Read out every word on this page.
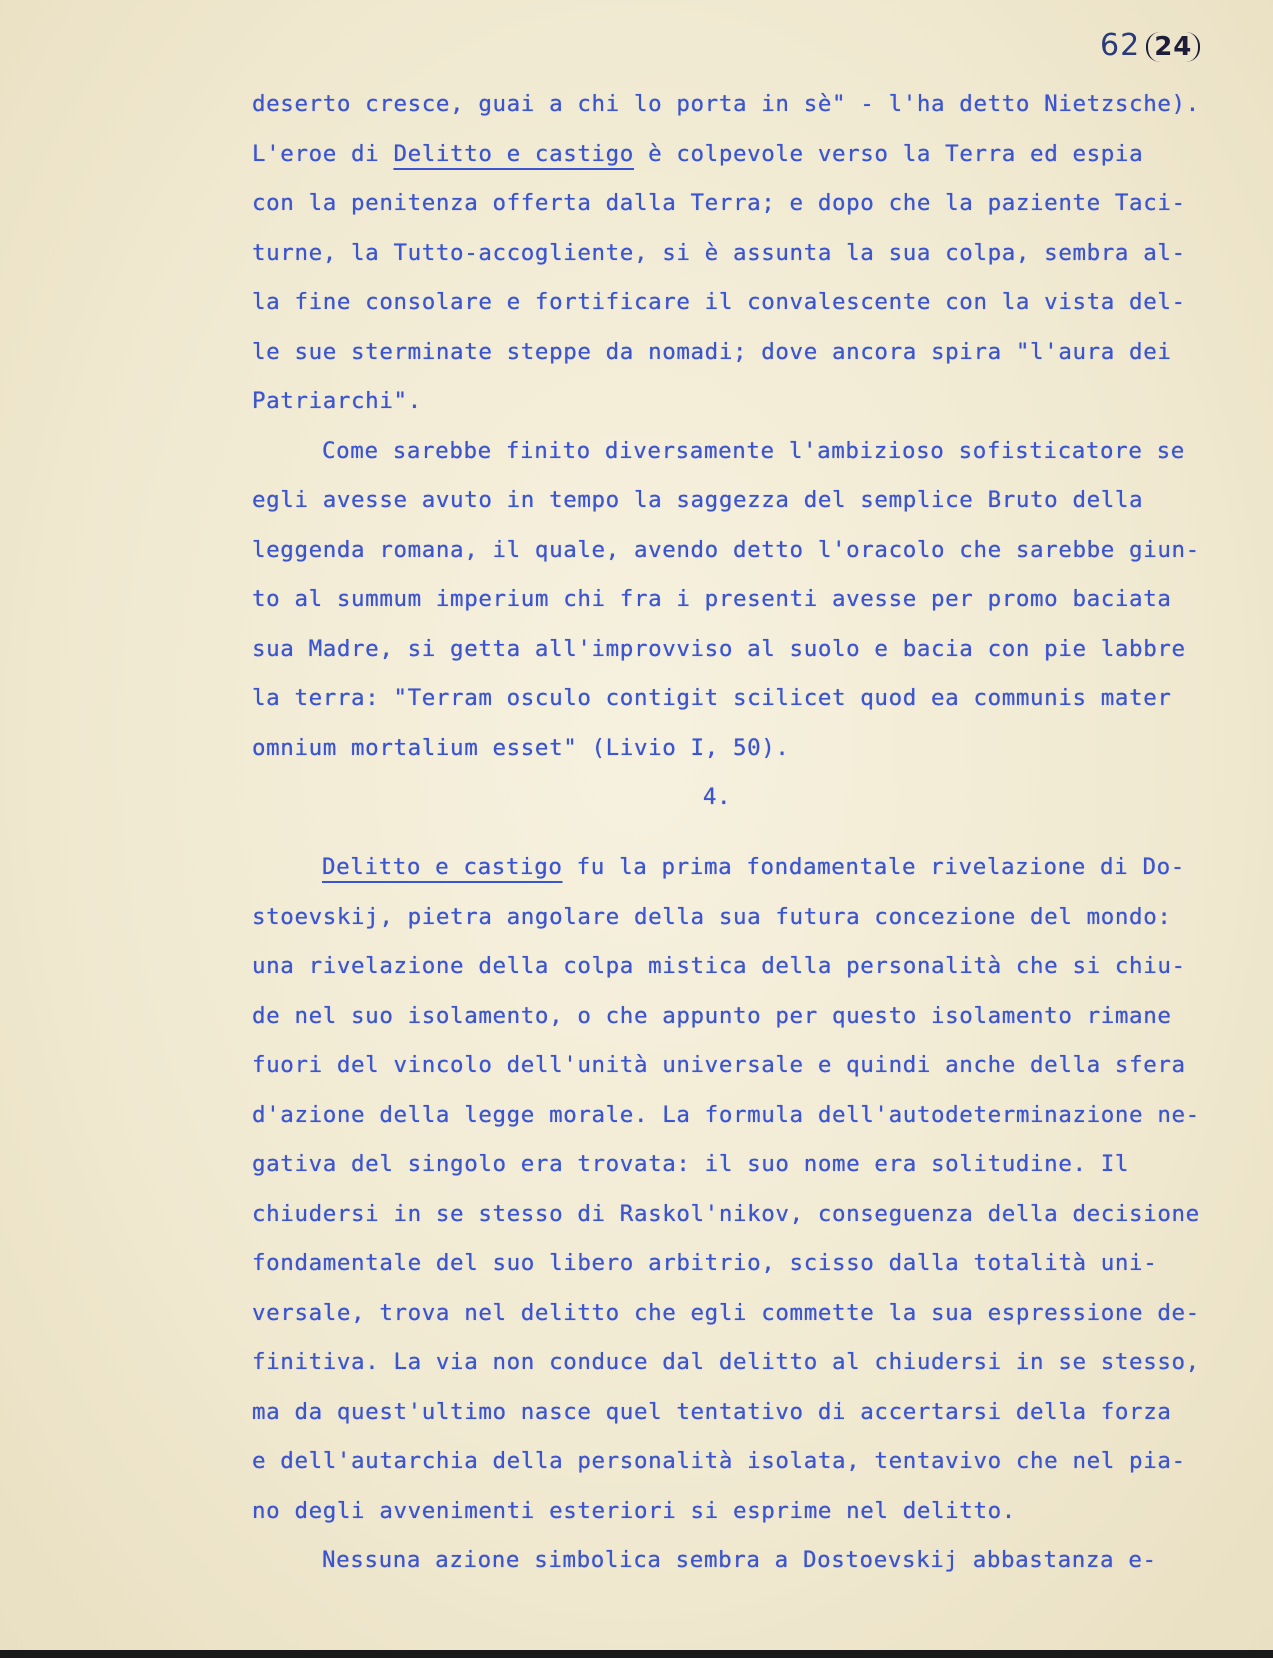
62 24
deserto cresce, guai a chi lo porta in sè" - l'ha detto Nietzsche).
L'eroe di Delitto e castigo è colpevole verso la Terra ed espia
con la penitenza offerta dalla Terra; e dopo che la paziente Taci-
turne, la Tutto-accogliente, si è assunta la sua colpa, sembra al-
la fine consolare e fortificare il convalescente con la vista del-
le sue sterminate steppe da nomadi; dove ancora spira "l'aura dei
Patriarchi".
Come sarebbe finito diversamente l'ambizioso sofisticatore se
egli avesse avuto in tempo la saggezza del semplice Bruto della
leggenda romana, il quale, avendo detto l'oracolo che sarebbe giun-
to al summum imperium chi fra i presenti avesse per promo baciata
sua Madre, si getta all'improvviso al suolo e bacia con pie labbre
la terra: "Terram osculo contigit scilicet quod ea communis mater
omnium mortalium esset" (Livio I, 50).
4.
Delitto e castigo fu la prima fondamentale rivelazione di Do-
stoevskij, pietra angolare della sua futura concezione del mondo:
una rivelazione della colpa mistica della personalità che si chiu-
de nel suo isolamento, o che appunto per questo isolamento rimane
fuori del vincolo dell'unità universale e quindi anche della sfera
d'azione della legge morale. La formula dell'autodeterminazione ne-
gativa del singolo era trovata: il suo nome era solitudine. Il
chiudersi in se stesso di Raskol'nikov, conseguenza della decisione
fondamentale del suo libero arbitrio, scisso dalla totalità uni-
versale, trova nel delitto che egli commette la sua espressione de-
finitiva. La via non conduce dal delitto al chiudersi in se stesso,
ma da quest'ultimo nasce quel tentativo di accertarsi della forza
e dell'autarchia della personalità isolata, tentavivo che nel pia-
no degli avvenimenti esteriori si esprime nel delitto.
Nessuna azione simbolica sembra a Dostoevskij abbastanza e-
